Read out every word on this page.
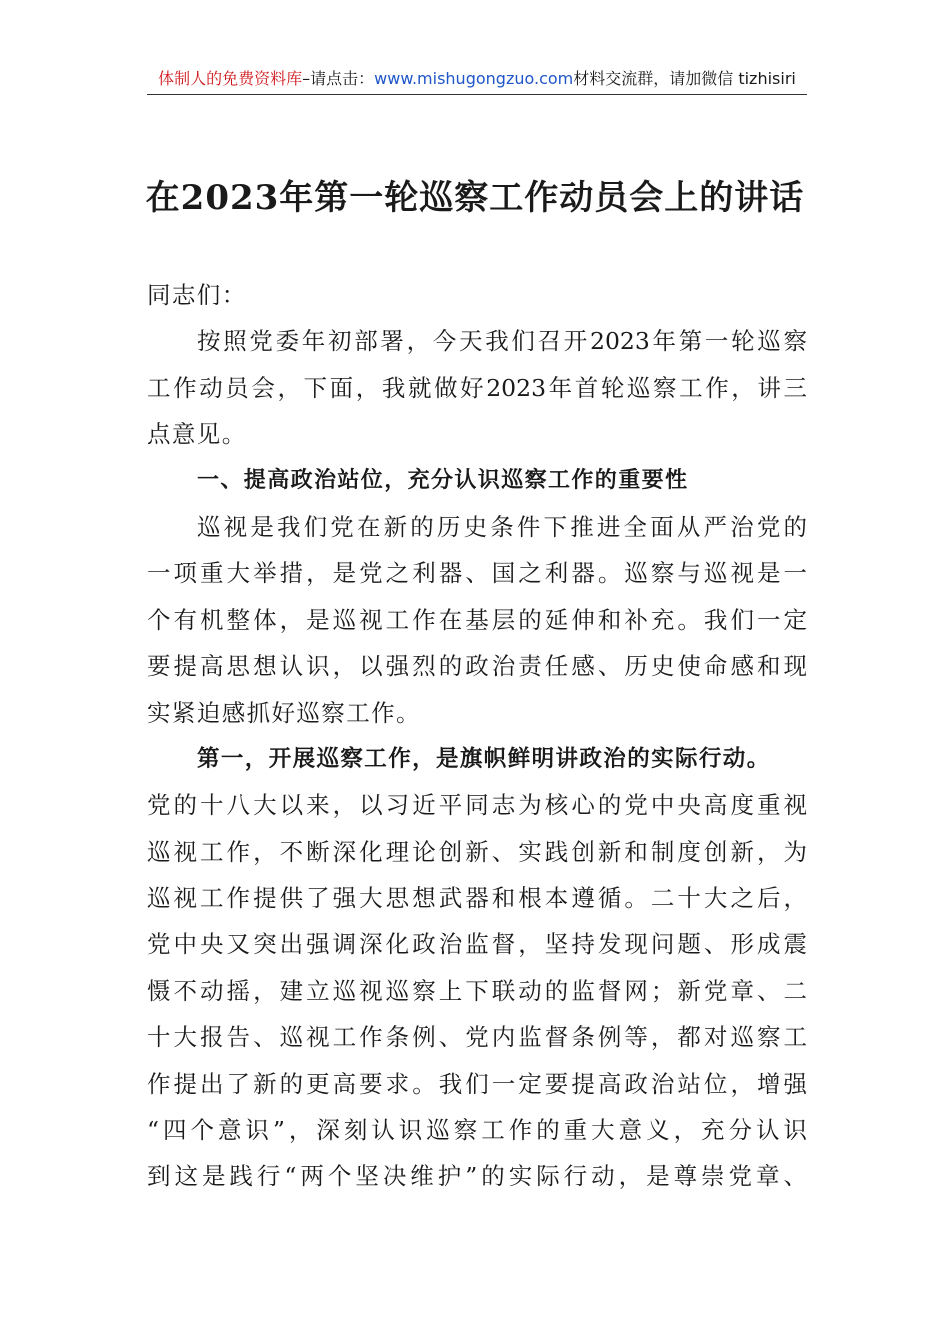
体制人的免费资料库–请点击：www.mishugongzuo.com材料交流群，请加微信 tizhisiri
在2023年第一轮巡察工作动员会上的讲话
同志们：
按照党委年初部署，今天我们召开2023年第一轮巡察
工作动员会，下面，我就做好2023年首轮巡察工作，讲三
点意见。
一、提高政治站位，充分认识巡察工作的重要性
巡视是我们党在新的历史条件下推进全面从严治党的
一项重大举措，是党之利器、国之利器。巡察与巡视是一
个有机整体，是巡视工作在基层的延伸和补充。我们一定
要提高思想认识，以强烈的政治责任感、历史使命感和现
实紧迫感抓好巡察工作。
第一，开展巡察工作，是旗帜鲜明讲政治的实际行动。
党的十八大以来，以习近平同志为核心的党中央高度重视
巡视工作，不断深化理论创新、实践创新和制度创新，为
巡视工作提供了强大思想武器和根本遵循。二十大之后，
党中央又突出强调深化政治监督，坚持发现问题、形成震
慑不动摇，建立巡视巡察上下联动的监督网；新党章、二
十大报告、巡视工作条例、党内监督条例等，都对巡察工
作提出了新的更高要求。我们一定要提高政治站位，增强
“四个意识”，深刻认识巡察工作的重大意义，充分认识
到这是践行“两个坚决维护”的实际行动，是尊崇党章、
